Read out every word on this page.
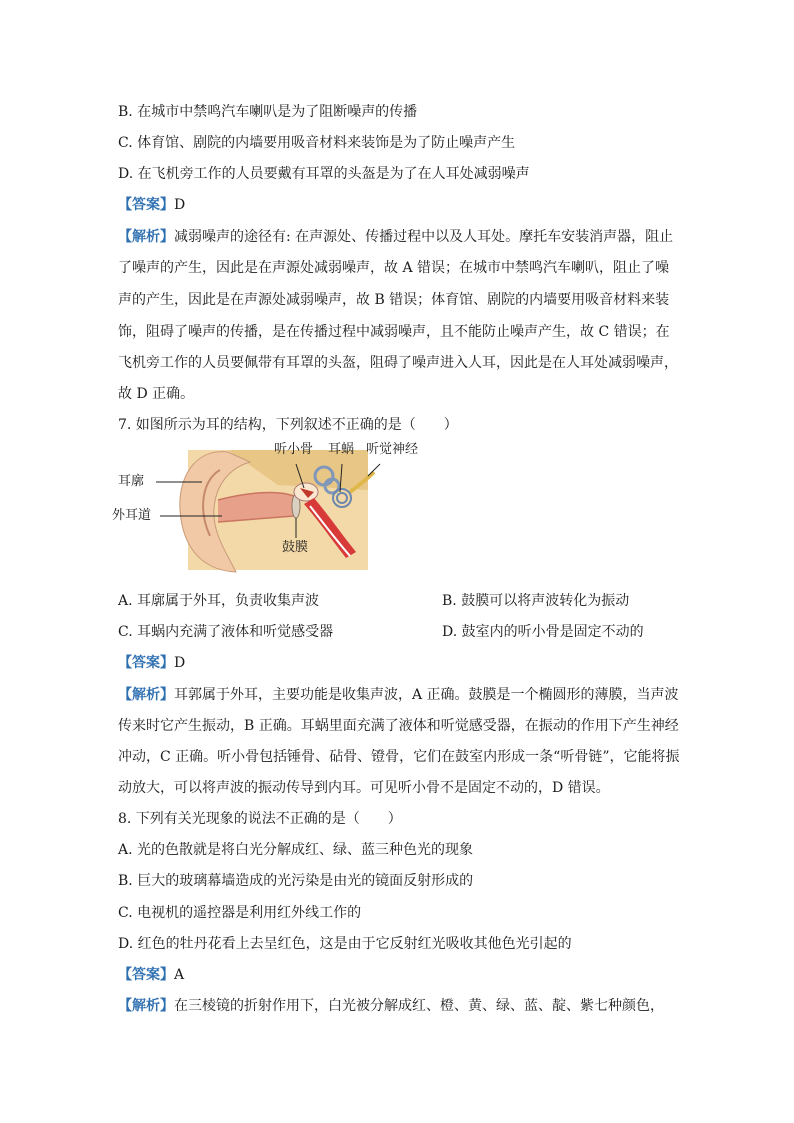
B. 在城市中禁鸣汽车喇叭是为了阻断噪声的传播
C. 体育馆、剧院的内墙要用吸音材料来装饰是为了防止噪声产生
D. 在飞机旁工作的人员要戴有耳罩的头盔是为了在人耳处减弱噪声
【答案】D
【解析】减弱噪声的途径有: 在声源处、传播过程中以及人耳处。摩托车安装消声器，阻止
了噪声的产生，因此是在声源处减弱噪声，故 A 错误；在城市中禁鸣汽车喇叭，阻止了噪
声的产生，因此是在声源处减弱噪声，故 B 错误；体育馆、剧院的内墙要用吸音材料来装
饰，阻碍了噪声的传播，是在传播过程中减弱噪声，且不能防止噪声产生，故 C 错误；在
飞机旁工作的人员要佩带有耳罩的头盔，阻碍了噪声进入人耳，因此是在人耳处减弱噪声，
故 D 正确。
7. 如图所示为耳的结构，下列叙述不正确的是（　　）
听小骨 耳蜗 听觉神经
耳廓
外耳道
鼓膜
A. 耳廓属于外耳，负责收集声波	B. 鼓膜可以将声波转化为振动
C. 耳蜗内充满了液体和听觉感受器	D. 鼓室内的听小骨是固定不动的
【答案】D
【解析】耳郭属于外耳，主要功能是收集声波，A 正确。鼓膜是一个椭圆形的薄膜，当声波
传来时它产生振动，B 正确。耳蜗里面充满了液体和听觉感受器，在振动的作用下产生神经
冲动，C 正确。听小骨包括锤骨、砧骨、镫骨，它们在鼓室内形成一条“听骨链”，它能将振
动放大，可以将声波的振动传导到内耳。可见听小骨不是固定不动的，D 错误。
8. 下列有关光现象的说法不正确的是（　　）
A. 光的色散就是将白光分解成红、绿、蓝三种色光的现象
B. 巨大的玻璃幕墙造成的光污染是由光的镜面反射形成的
C. 电视机的遥控器是利用红外线工作的
D. 红色的牡丹花看上去呈红色，这是由于它反射红光吸收其他色光引起的
【答案】A
【解析】在三棱镜的折射作用下，白光被分解成红、橙、黄、绿、蓝、靛、紫七种颜色，
